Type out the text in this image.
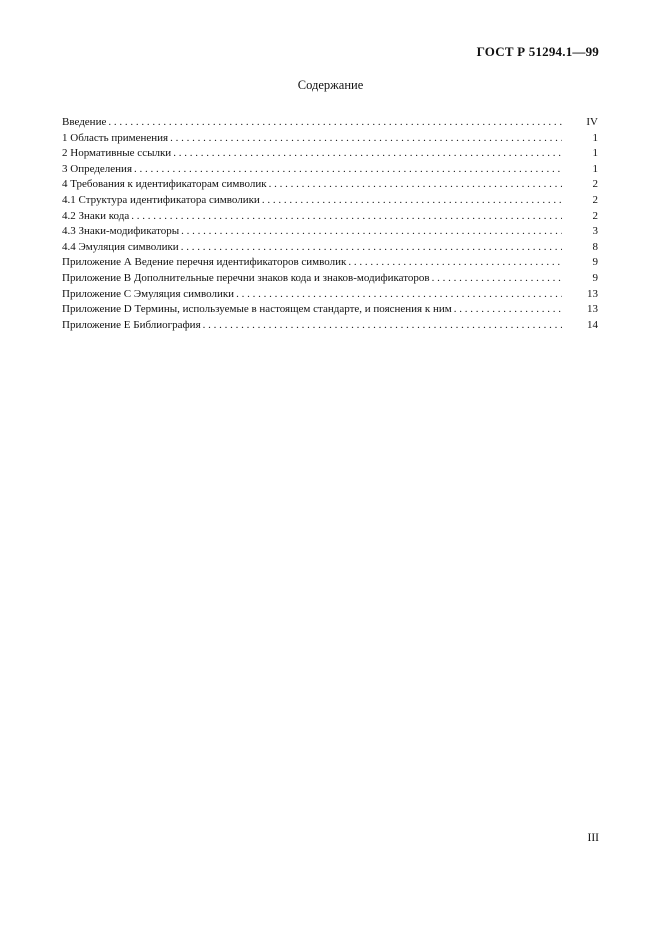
ГОСТ Р 51294.1—99
Содержание
Введение . . .	IV
1 Область применения . . .	1
2 Нормативные ссылки . . .	1
3 Определения . . .	1
4 Требования к идентификаторам символик . . .	2
4.1 Структура идентификатора символики . . .	2
4.2 Знаки кода . . .	2
4.3 Знаки-модификаторы . . .	3
4.4 Эмуляция символики . . .	8
Приложение А Ведение перечня идентификаторов символик . . .	9
Приложение В Дополнительные перечни знаков кода и знаков-модификаторов . . .	9
Приложение С Эмуляция символики . . .	13
Приложение D Термины, используемые в настоящем стандарте, и пояснения к ним . . .	13
Приложение Е Библиография . . .	14
III
